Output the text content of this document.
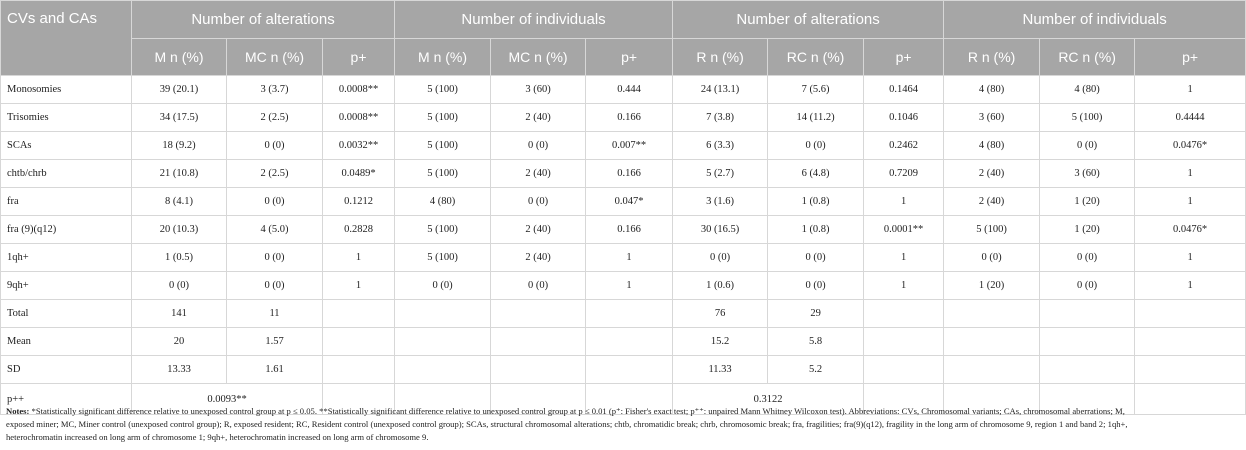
CVs and CAs	Number of alterations			Number of individuals			Number of alterations			Number of individuals		
	M n (%)	MC n (%)	p+	M n (%)	MC n (%)	p+	R n (%)	RC n (%)	p+	R n (%)	RC n (%)	p+
Monosomies	39 (20.1)	3 (3.7)	0.0008**	5 (100)	3 (60)	0.444	24 (13.1)	7 (5.6)	0.1464	4 (80)	4 (80)	1
Trisomies	34 (17.5)	2 (2.5)	0.0008**	5 (100)	2 (40)	0.166	7 (3.8)	14 (11.2)	0.1046	3 (60)	5 (100)	0.4444
SCAs	18 (9.2)	0 (0)	0.0032**	5 (100)	0 (0)	0.007**	6 (3.3)	0 (0)	0.2462	4 (80)	0 (0)	0.0476*
chtb/chrb	21 (10.8)	2 (2.5)	0.0489*	5 (100)	2 (40)	0.166	5 (2.7)	6 (4.8)	0.7209	2 (40)	3 (60)	1
fra	8 (4.1)	0 (0)	0.1212	4 (80)	0 (0)	0.047*	3 (1.6)	1 (0.8)	1	2 (40)	1 (20)	1
fra (9)(q12)	20 (10.3)	4 (5.0)	0.2828	5 (100)	2 (40)	0.166	30 (16.5)	1 (0.8)	0.0001**	5 (100)	1 (20)	0.0476*
1qh+	1 (0.5)	0 (0)	1	5 (100)	2 (40)	1	0 (0)	0 (0)	1	0 (0)	0 (0)	1
9qh+	0 (0)	0 (0)	1	0 (0)	0 (0)	1	1 (0.6)	0 (0)	1	1 (20)	0 (0)	1
Total	141	11					76	29				
Mean	20	1.57					15.2	5.8				
SD	13.33	1.61					11.33	5.2				
p++	0.0093**						0.3122					
Notes: *Statistically significant difference relative to unexposed control group at p ≤ 0.05. **Statistically significant difference relative to unexposed control group at p ≤ 0.01 (p⁺: Fisher's exact test; p⁺⁺: unpaired Mann Whitney Wilcoxon test). Abbreviations: CVs, Chromosomal variants; CAs, chromosomal aberrations; M, exposed miner; MC, Miner control (unexposed control group); R, exposed resident; RC, Resident control (unexposed control group); SCAs, structural chromosomal alterations; chtb, chromatidic break; chrb, chromosomic break; fra, fragilities; fra(9)(q12), fragility in the long arm of chromosome 9, region 1 and band 2; 1qh+, heterochromatin increased on long arm of chromosome 1; 9qh+, heterochromatin increased on long arm of chromosome 9.
